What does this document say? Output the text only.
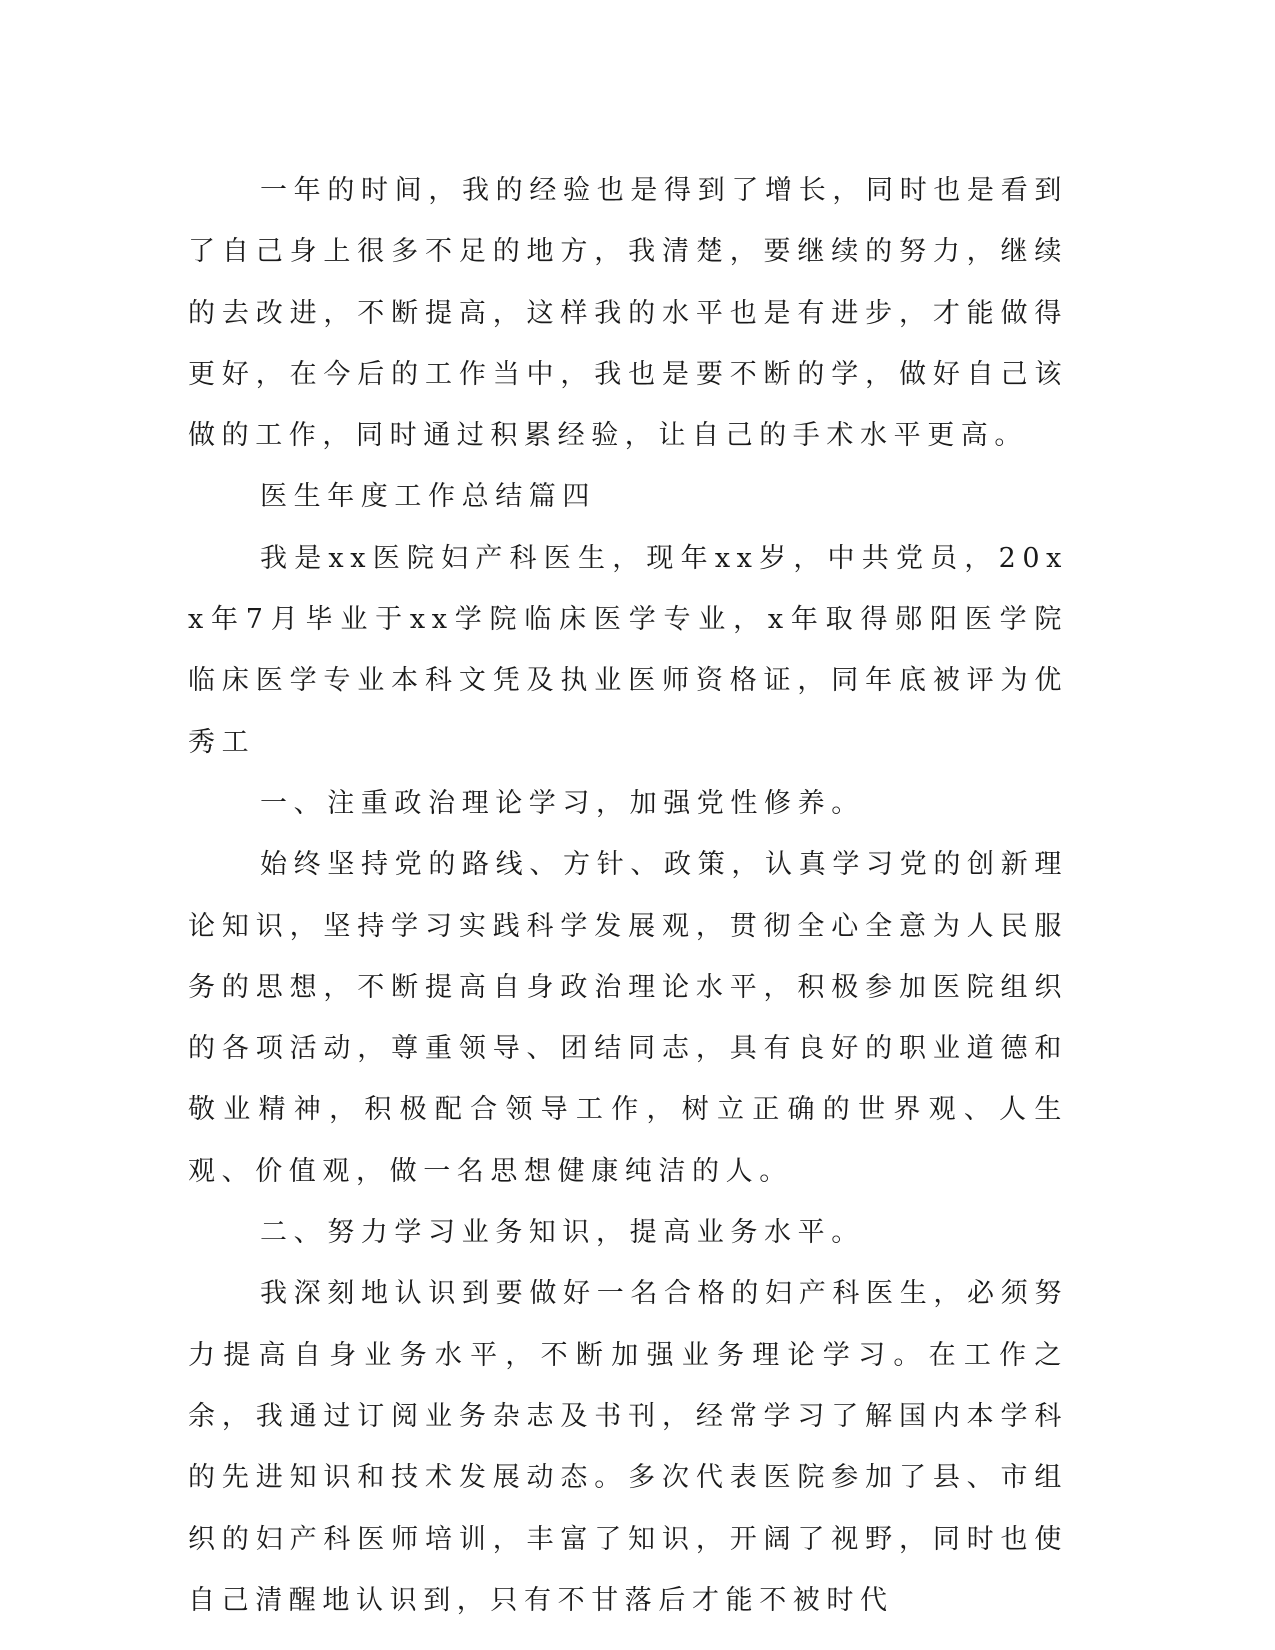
一年的时间，我的经验也是得到了增长，同时也是看到了自己身上很多不足的地方，我清楚，要继续的努力，继续的去改进，不断提高，这样我的水平也是有进步，才能做得更好，在今后的工作当中，我也是要不断的学，做好自己该做的工作，同时通过积累经验，让自己的手术水平更高。

医生年度工作总结篇四

我是xx医院妇产科医生，现年xx岁，中共党员，20xx年7月毕业于xx学院临床医学专业，x年取得郧阳医学院临床医学专业本科文凭及执业医师资格证，同年底被评为优秀工

一、注重政治理论学习，加强党性修养。

始终坚持党的路线、方针、政策，认真学习党的创新理论知识，坚持学习实践科学发展观，贯彻全心全意为人民服务的思想，不断提高自身政治理论水平，积极参加医院组织的各项活动，尊重领导、团结同志，具有良好的职业道德和敬业精神，积极配合领导工作，树立正确的世界观、人生观、价值观，做一名思想健康纯洁的人。

二、努力学习业务知识，提高业务水平。

我深刻地认识到要做好一名合格的妇产科医生，必须努力提高自身业务水平，不断加强业务理论学习。在工作之余，我通过订阅业务杂志及书刊，经常学习了解国内本学科的先进知识和技术发展动态。多次代表医院参加了县、市组织的妇产科医师培训，丰富了知识，开阔了视野，同时也使自己清醒地认识到，只有不甘落后才能不被时代
